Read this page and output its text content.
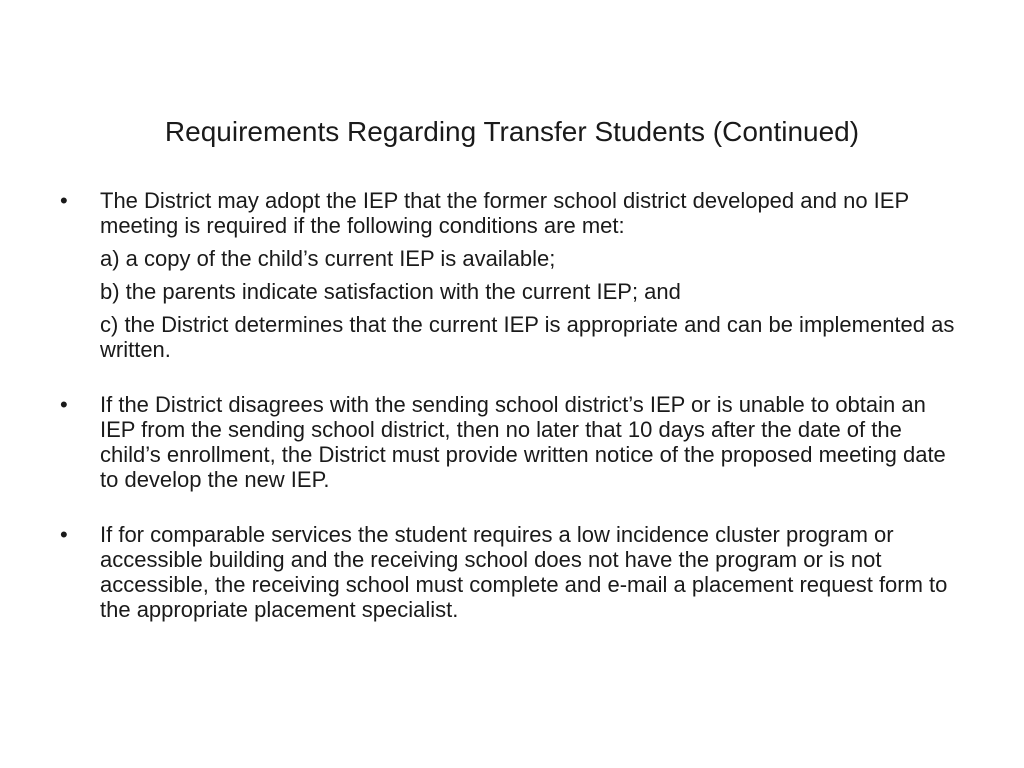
Requirements Regarding Transfer Students (Continued)
•	The District may adopt the IEP that the former school district developed and no IEP meeting is required if the following conditions are met:
a) a copy of the child’s current IEP is available;
b) the parents indicate satisfaction with the current IEP; and
c) the District determines that the current IEP is appropriate and can be implemented as written.
•	If the District disagrees with the sending school district’s IEP or is unable to obtain an IEP from the sending school district, then no later that 10 days after the date of the child’s enrollment, the District must provide written notice of the proposed meeting date to develop the new IEP.
•	If for comparable services the student requires a low incidence cluster program or accessible building and the receiving school does not have the program or is not accessible, the receiving school must complete and e-mail a placement request form to the appropriate placement specialist.
